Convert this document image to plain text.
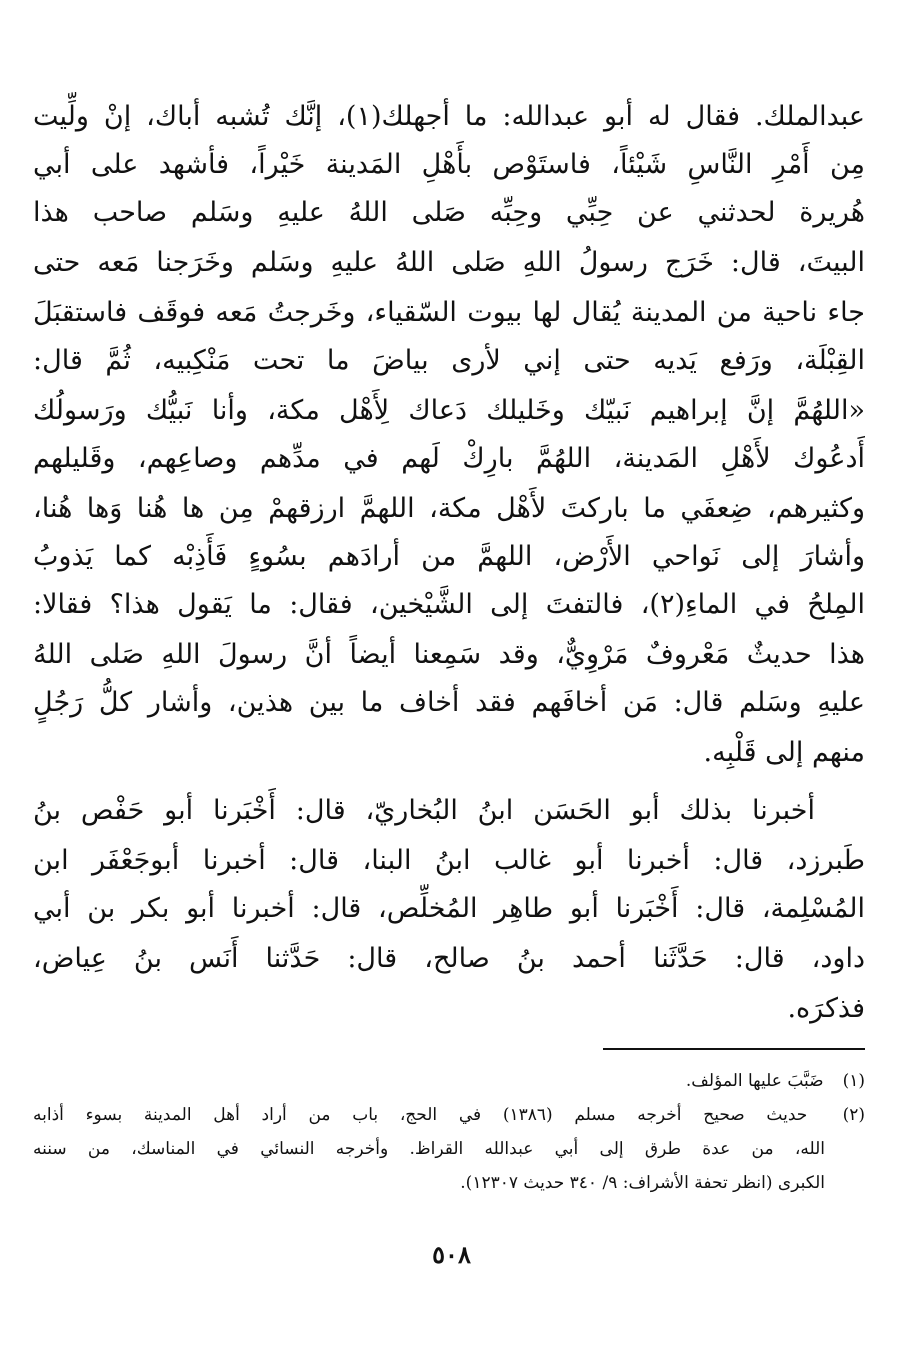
عبدالملك. فقال له أبو عبدالله: ما أجهلك(١)، إنَّك تُشبه أباك، إنْ ولِّيت
مِن أَمْرِ النَّاسِ شَيْئاً، فاستَوْص بأَهْلِ المَدينة خَيْراً، فأشهد على أبي
هُريرة لحدثني عن حِبِّي وحِبِّه صَلى اللهُ عليهِ وسَلم صاحب هذا
البيتَ، قال: خَرَج رسولُ اللهِ صَلى اللهُ عليهِ وسَلم وخَرَجنا مَعه حتى
جاء ناحية من المدينة يُقال لها بيوت السّقياء، وخَرجتُ مَعه فوقَف فاستقبَلَ
القِبْلَة، ورَفع يَديه حتى إني لأرى بياضَ ما تحت مَنْكِبيه، ثُمَّ قال:
«اللهُمَّ إنَّ إبراهيم نَبيّك وخَليلك دَعاك لِأَهْل مكة، وأنا نَبيُّك ورَسولُك
أَدعُوك لأَهْلِ المَدينة، اللهُمَّ بارِكْ لَهم في مدِّهم وصاعِهم، وقَليلهم
وكثيرهم، ضِعفَي ما باركتَ لأَهْل مكة، اللهمَّ ارزقهمْ مِن ها هُنا وَها هُنا،
وأشارَ إلى نَواحي الأَرْض، اللهمَّ من أرادَهم بسُوءٍ فَأَذِبْه كما يَذوبُ
المِلحُ في الماءِ(٢)، فالتفتَ إلى الشَّيْخين، فقال: ما يَقول هذا؟ فقالا:
هذا حديثٌ مَعْروفٌ مَرْوِيٌّ، وقد سَمِعنا أيضاً أنَّ رسولَ اللهِ صَلى اللهُ
عليهِ وسَلم قال: مَن أخافَهم فقد أخاف ما بين هذين، وأشار كلُّ رَجُلٍ
منهم إلى قَلْبِه.
أخبرنا بذلك أبو الحَسَن ابنُ البُخاريّ، قال: أَخْبَرنا أبو حَفْص بنُ
طَبرزد، قال: أخبرنا أبو غالب ابنُ البنا، قال: أخبرنا أبوجَعْفَر ابن
المُسْلِمة، قال: أَخْبَرنا أبو طاهِر المُخلِّص، قال: أخبرنا أبو بكر بن أبي
داود، قال: حَدَّثَنا أحمد بنُ صالح، قال: حَدَّثنا أَنَس بنُ عِياض،
فذكرَه.
(١) ضَبَّبَ عليها المؤلف.
(٢) حديث صحيح أخرجه مسلم (١٣٨٦) في الحج، باب من أراد أهل المدينة بسوء أذابه
الله، من عدة طرق إلى أبي عبدالله القراظ. وأخرجه النسائي في المناسك، من سننه
الكبرى (انظر تحفة الأشراف: ٩/ ٣٤٠ حديث ١٢٣٠٧).
٥٠٨
